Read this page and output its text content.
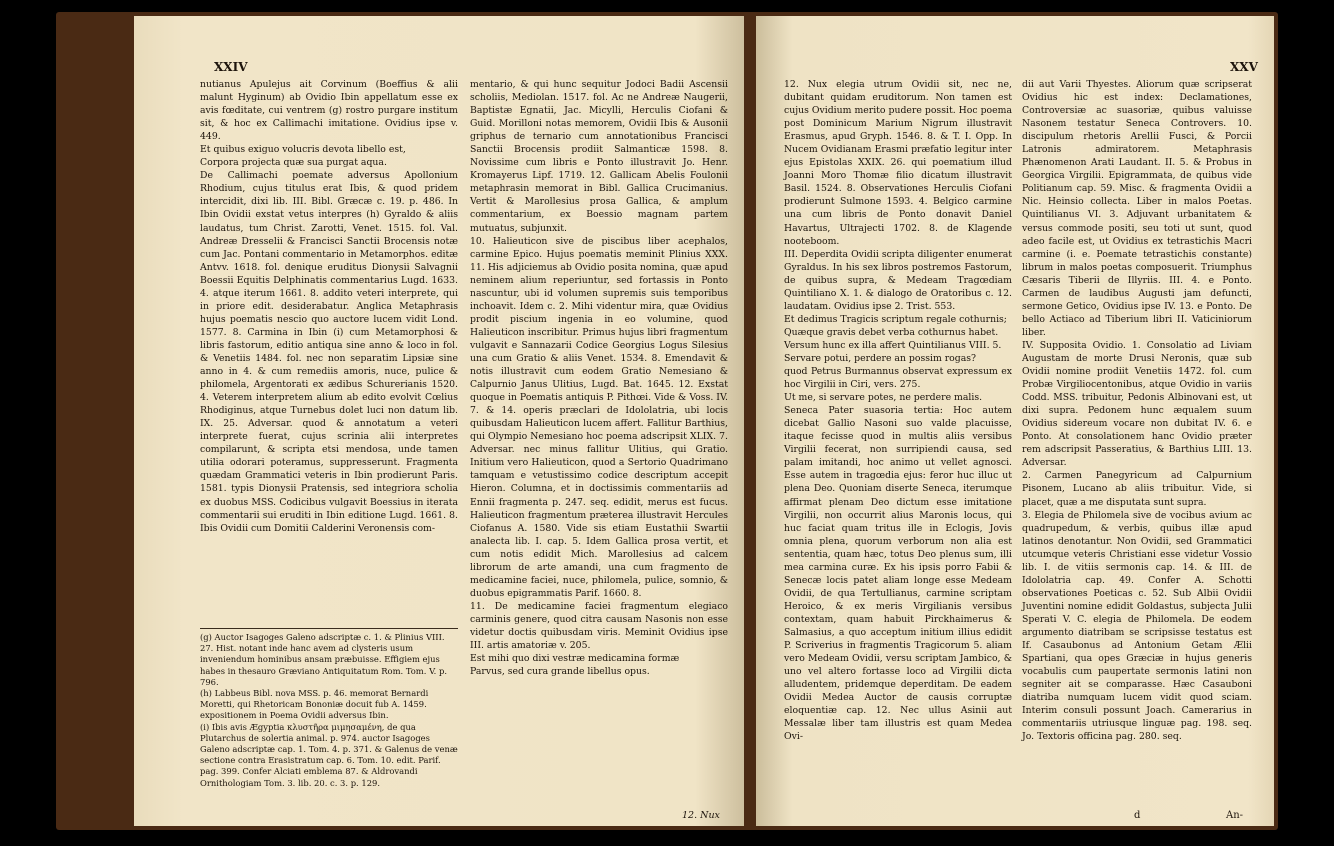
XXIV
nutianus Apulejus ait Corvinum (Boeffius & alii malunt Hyginum) ab Ovidio Ibin appellatum esse ex avis fœditate, cui ventrem (g) rostro purgare institum sit, & hoc ex Callimachi imitatione. Ovidius ipse v. 449.
Et quibus exiguo volucris devota libello est,
Corpora projecta quæ sua purgat aqua.
De Callimachi poemate adversus Apollonium Rhodium, cujus titulus erat Ibis, & quod pridem intercidit, dixi lib. III. Bibl. Græcæ c. 19. p. 486. In Ibin Ovidii exstat vetus interpres (h) Gyraldo & aliis laudatus, tum Christ. Zarotti, Venet. 1515. fol. Val. Andreæ Dresselii & Francisci Sanctii Brocensis notæ cum Jac. Pontani commentario in Metamorphos. editæ Antvv. 1618. fol. denique eruditus Dionysii Salvagnii Boessii Equitis Delphinatis commentarius Lugd. 1633. 4. atque iterum 1661. 8. addito veteri interprete, qui in priore edit. desiderabatur. Anglica Metaphrasis hujus poematis nescio quo auctore lucem vidit Lond. 1577. 8. Carmina in Ibin (i) cum Metamorphosi & libris fastorum, editio antiqua sine anno & loco in fol. & Venetiis 1484. fol. nec non separatim Lipsiæ sine anno in 4. & cum remediis amoris, nuce, pulice & philomela, Argentorati ex ædibus Schurerianis 1520. 4. Veterem interpretem alium ab edito evolvit Cœlius Rhodiginus, atque Turnebus dolet luci non datum lib. IX. 25. Adversar. quod & annotatum a veteri interprete fuerat, cujus scrinia alii interpretes compilarunt, & scripta etsi mendosa, unde tamen utilia odorari poteramus, suppresserunt. Fragmenta quædam Grammatici veteris in Ibin prodierunt Paris. 1581. typis Dionysii Pratensis, sed integriora scholia ex duobus MSS. Codicibus vulgavit Boessius in iterata commentarii sui eruditi in Ibin editione Lugd. 1661. 8. Ibis Ovidii cum Domitii Calderini Veronensis com-
mentario, & qui hunc sequitur Jodoci Badii Ascensii scholiis, Mediolan. 1517. fol. Ac ne Andreæ Naugerii, Baptistæ Egnatii, Jac. Micylli, Herculis Ciofani & Guid. Morilloni notas memorem, Ovidii Ibis & Ausonii griphus de ternario cum annotationibus Francisci Sanctii Brocensis prodiit Salmanticæ 1598. 8. Novissime cum libris e Ponto illustravit Jo. Henr. Kromayerus Lipf. 1719. 12. Gallicam Abelis Foulonii metaphrasin memorat in Bibl. Gallica Crucimanius. Vertit & Marollesius prosa Gallica, & amplum commentarium, ex Boessio magnam partem mutuatus, subjunxit.
10. Halieuticon sive de piscibus liber acephalos, carmine Epico. Hujus poematis meminit Plinius XXX. 11. His adjiciemus ab Ovidio posita nomina, quæ apud neminem alium reperiuntur, sed fortassis in Ponto nascuntur, ubi id volumen supremis suis temporibus inchoavit. Idem c. 2. Mihi videntur mira, quæ Ovidius prodit piscium ingenia in eo volumine, quod Halieuticon inscribitur. Primus hujus libri fragmentum vulgavit e Sannazarii Codice Georgius Logus Silesius una cum Gratio & aliis Venet. 1534. 8. Emendavit & notis illustravit cum eodem Gratio Nemesiano & Calpurnio Janus Ulitius, Lugd. Bat. 1645. 12. Exstat quoque in Poematis antiquis P. Pithœi. Vide & Voss. IV. 7. & 14. operis præclari de Idololatria, ubi locis quibusdam Halieuticon lucem affert. Fallitur Barthius, qui Olympio Nemesiano hoc poema adscripsit XLIX. 7. Adversar. nec minus fallitur Ulitius, qui Gratio. Initium vero Halieuticon, quod a Sertorio Quadrimano tamquam e vetustissimo codice descriptum accepit Hieron. Columna, et in doctissimis commentariis ad Ennii fragmenta p. 247. seq. edidit, merus est fucus. Halieuticon fragmentum præterea illustravit Hercules Ciofanus A. 1580. Vide sis etiam Eustathii Swartii analecta lib. I. cap. 5. Idem Gallica prosa vertit, et cum notis edidit Mich. Marollesius ad calcem librorum de arte amandi, una cum fragmento de medicamine faciei, nuce, philomela, pulice, somnio, & duobus epigrammatis Parif. 1660. 8.
11. De medicamine faciei fragmentum elegiaco carminis genere, quod citra causam Nasonis non esse videtur doctis quibusdam viris. Meminit Ovidius ipse III. artis amatoriæ v. 205.
Est mihi quo dixi vestræ medicamina formæ
Parvus, sed cura grande libellus opus.
(g) Auctor Isagoges Galeno adscriptæ c. 1. & Plinius VIII. 27. Hist. notant inde hanc avem ad clysteris usum inveniendum hominibus ansam præbuisse. Effigiem ejus habes in thesauro Græviano Antiquitatum Rom. Tom. V. p. 796.
(h) Labbeus Bibl. nova MSS. p. 46. memorat Bernardi Moretti, qui Rhetoricam Bononiæ docuit fub A. 1459. expositionem in Poema Ovidii adversus Ibin.
(i) Ibis avis Ægyptia κλυστῆρα μιμησαμένη, de qua Plutarchus de solertia animal. p. 974. auctor Isagoges Galeno adscriptæ cap. 1. Tom. 4. p. 371. & Galenus de venæ sectione contra Erasistratum cap. 6. Tom. 10. edit. Parif. pag. 399. Confer Alciati emblema 87. & Aldrovandi Ornithologiam Tom. 3. lib. 20. c. 3. p. 129.
12. Nux
XXV
12. Nux elegia utrum Ovidii sit, nec ne, dubitant quidam eruditorum. Non tamen est cujus Ovidium merito pudere possit. Hoc poema post Dominicum Marium Nigrum illustravit Erasmus, apud Gryph. 1546. 8. & T. I. Opp. In Nucem Ovidianam Erasmi præfatio legitur inter ejus Epistolas XXIX. 26. qui poematium illud Joanni Moro Thomæ filio dicatum illustravit Basil. 1524. 8. Observationes Herculis Ciofani prodierunt Sulmone 1593. 4. Belgico carmine una cum libris de Ponto donavit Daniel Havartus, Ultrajecti 1702. 8. de Klagende nooteboom.
III. Deperdita Ovidii scripta diligenter enumerat Gyraldus. In his sex libros postremos Fastorum, de quibus supra, & Medeam Tragœdiam Quintiliano X. 1. & dialogo de Oratoribus c. 12. laudatam. Ovidius ipse 2. Trist. 553.
Et dedimus Tragicis scriptum regale cothurnis;
Quæque gravis debet verba cothurnus habet.
Versum hunc ex illa affert Quintilianus VIII. 5.
Servare potui, perdere an possim rogas?
quod Petrus Burmannus observat expressum ex hoc Virgilii in Ciri, vers. 275.
Ut me, si servare potes, ne perdere malis.
Seneca Pater suasoria tertia: Hoc autem dicebat Gallio Nasoni suo valde placuisse, itaque fecisse quod in multis aliis versibus Virgilii fecerat, non surripiendi causa, sed palam imitandi, hoc animo ut vellet agnosci. Esse autem in tragœdia ejus: feror huc illuc ut plena Deo. Quoniam diserte Seneca, iterumque affirmat plenam Deo dictum esse imitatione Virgilii, non occurrit alius Maronis locus, qui huc faciat quam tritus ille in Eclogis, Jovis omnia plena, quorum verborum non alia est sententia, quam hæc, totus Deo plenus sum, illi mea carmina curæ. Ex his ipsis porro Fabii & Senecæ locis patet aliam longe esse Medeam Ovidii, de qua Tertullianus, carmine scriptam Heroico, & ex meris Virgilianis versibus contextam, quam habuit Pirckhaimerus & Salmasius, a quo acceptum initium illius edidit P. Scriverius in fragmentis Tragicorum 5. aliam vero Medeam Ovidii, versu scriptam Jambico, & uno vel altero fortasse loco ad Virgilii dicta alludentem, pridemque deperditam. De eadem Ovidii Medea Auctor de causis corruptæ eloquentiæ cap. 12. Nec ullus Asinii aut Messalæ liber tam illustris est quam Medea Ovi-
dii aut Varii Thyestes. Aliorum quæ scripserat Ovidius hic est index: Declamationes, Controversiæ ac suasoriæ, quibus valuisse Nasonem testatur Seneca Controvers. 10. discipulum rhetoris Arellii Fusci, & Porcii Latronis admiratorem. Metaphrasis Phænomenon Arati Laudant. II. 5. & Probus in Georgica Virgilii. Epigrammata, de quibus vide Politianum cap. 59. Misc. & fragmenta Ovidii a Nic. Heinsio collecta. Liber in malos Poetas. Quintilianus VI. 3. Adjuvant urbanitatem & versus commode positi, seu toti ut sunt, quod adeo facile est, ut Ovidius ex tetrastichis Macri carmine (i. e. Poemate tetrastichis constante) librum in malos poetas composuerit. Triumphus Cæsaris Tiberii de Illyriis. III. 4. e Ponto. Carmen de laudibus Augusti jam defuncti, sermone Getico, Ovidius ipse IV. 13. e Ponto. De bello Actiaco ad Tiberium libri II. Vaticiniorum liber.
IV. Supposita Ovidio. 1. Consolatio ad Liviam Augustam de morte Drusi Neronis, quæ sub Ovidii nomine prodiit Venetiis 1472. fol. cum Probæ Virgiliocentonibus, atque Ovidio in variis Codd. MSS. tribuitur, Pedonis Albinovani est, ut dixi supra. Pedonem hunc æqualem suum Ovidius sidereum vocare non dubitat IV. 6. e Ponto. At consolationem hanc Ovidio præter rem adscripsit Passeratius, & Barthius LIII. 13. Adversar.
2. Carmen Panegyricum ad Calpurnium Pisonem, Lucano ab aliis tribuitur. Vide, si placet, quæ a me disputata sunt supra.
3. Elegia de Philomela sive de vocibus avium ac quadrupedum, & verbis, quibus illæ apud latinos denotantur. Non Ovidii, sed Grammatici utcumque veteris Christiani esse videtur Vossio lib. I. de vitiis sermonis cap. 14. & III. de Idololatria cap. 49. Confer A. Schotti observationes Poeticas c. 52. Sub Albii Ovidii Juventini nomine edidit Goldastus, subjecta Julii Sperati V. C. elegia de Philomela. De eodem argumento diatribam se scripsisse testatus est If. Casaubonus ad Antonium Getam Ælii Spartiani, qua opes Græciæ in hujus generis vocabulis cum paupertate sermonis latini non segniter ait se comparasse. Hæc Casauboni diatriba numquam lucem vidit quod sciam. Interim consuli possunt Joach. Camerarius in commentariis utriusque linguæ pag. 198. seq. Jo. Textoris officina pag. 280. seq.
d	An-
